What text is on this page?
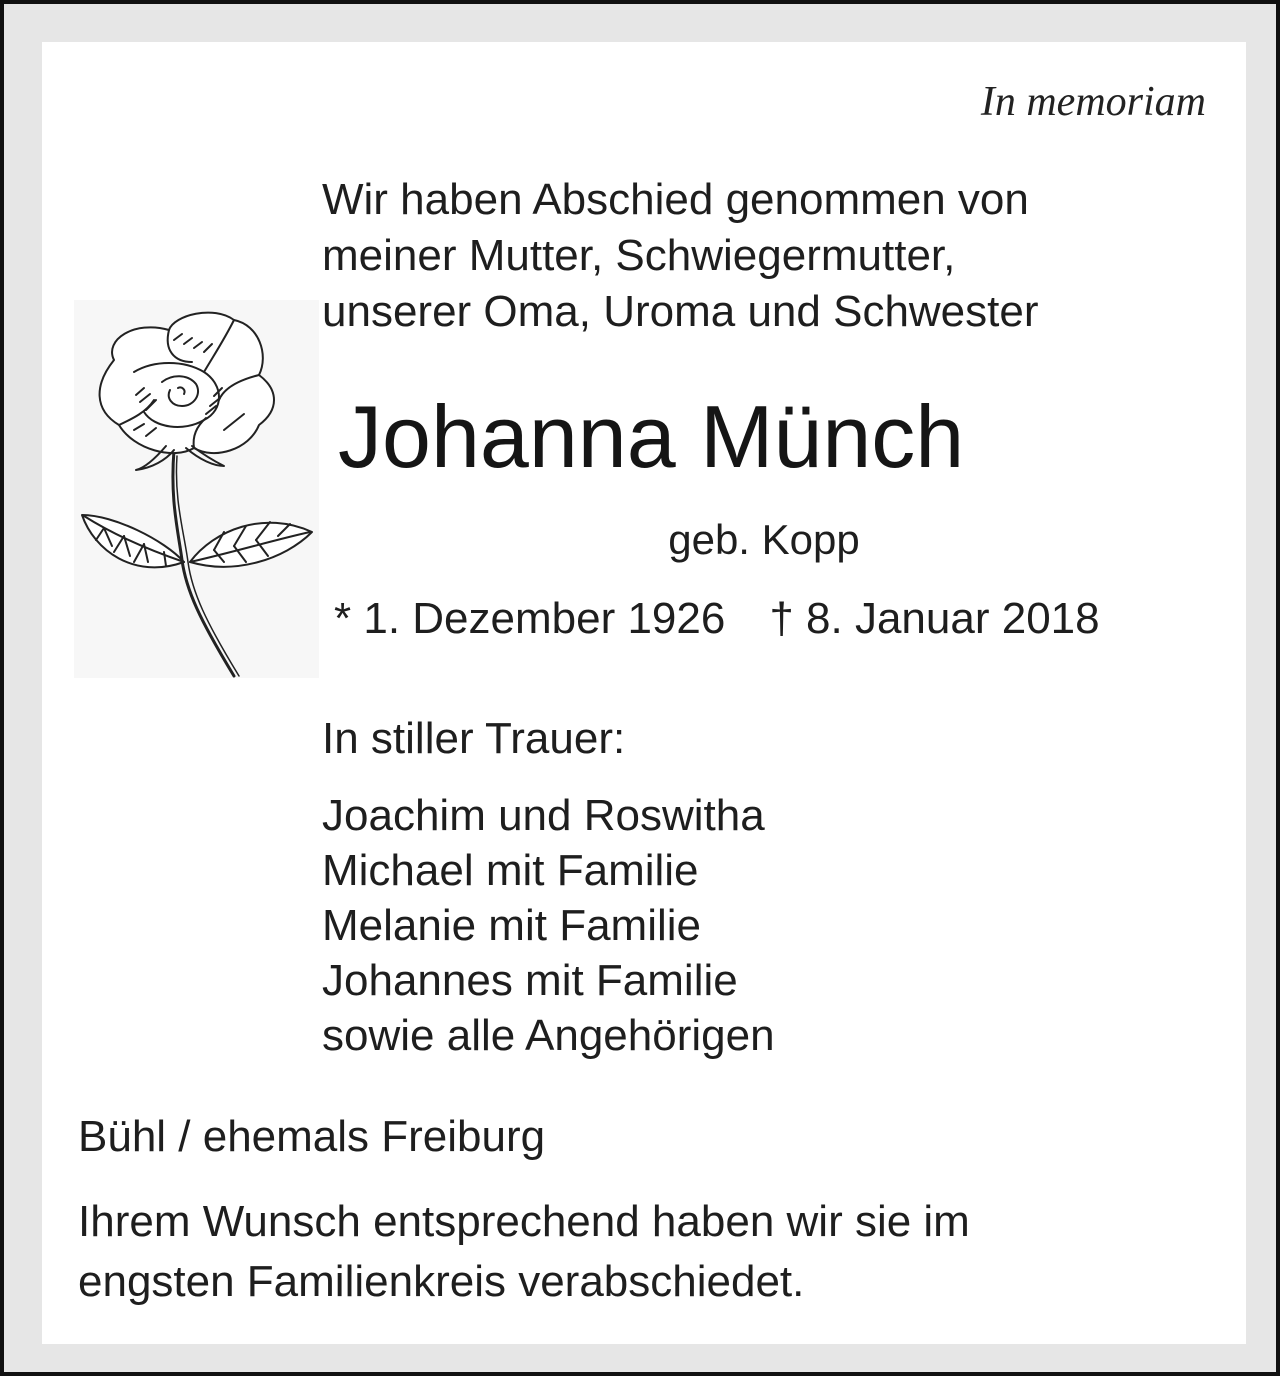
In memoriam
Wir haben Abschied genommen von
meiner Mutter, Schwiegermutter,
unserer Oma, Uroma und Schwester
Johanna Münch
geb. Kopp
* 1. Dezember 1926 † 8. Januar 2018
In stiller Trauer:
Joachim und Roswitha
Michael mit Familie
Melanie mit Familie
Johannes mit Familie
sowie alle Angehörigen
Bühl / ehemals Freiburg
Ihrem Wunsch entsprechend haben wir sie im
engsten Familienkreis verabschiedet.
